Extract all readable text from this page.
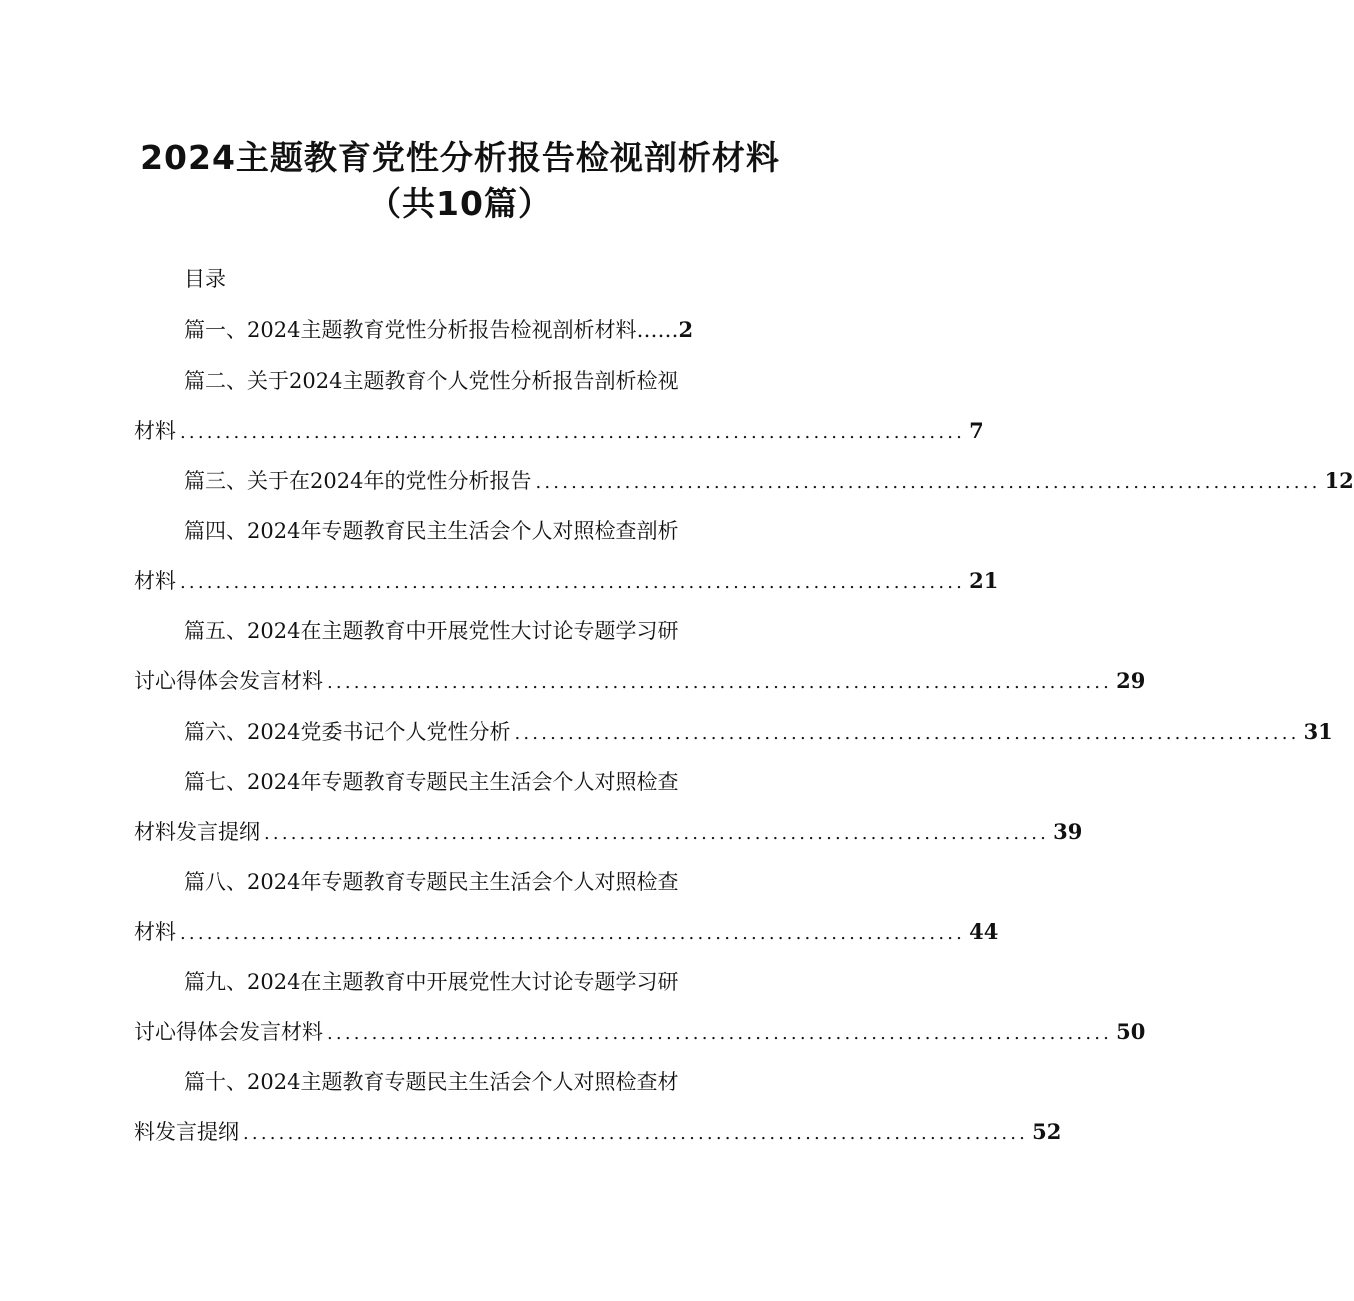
2024主题教育党性分析报告检视剖析材料
（共10篇）
目录
篇一、2024主题教育党性分析报告检视剖析材料 …… 2
篇二、关于2024主题教育个人党性分析报告剖析检视
材料 ........................................................................................ 7
篇三、关于在2024年的党性分析报告 ........................................................................................ 12
篇四、2024年专题教育民主生活会个人对照检查剖析
材料 ........................................................................................ 21
篇五、2024在主题教育中开展党性大讨论专题学习研
讨心得体会发言材料 ........................................................................................ 29
篇六、2024党委书记个人党性分析 ........................................................................................ 31
篇七、2024年专题教育专题民主生活会个人对照检查
材料发言提纲 ........................................................................................ 39
篇八、2024年专题教育专题民主生活会个人对照检查
材料 ........................................................................................ 44
篇九、2024在主题教育中开展党性大讨论专题学习研
讨心得体会发言材料 ........................................................................................ 50
篇十、2024主题教育专题民主生活会个人对照检查材
料发言提纲 ........................................................................................ 52
